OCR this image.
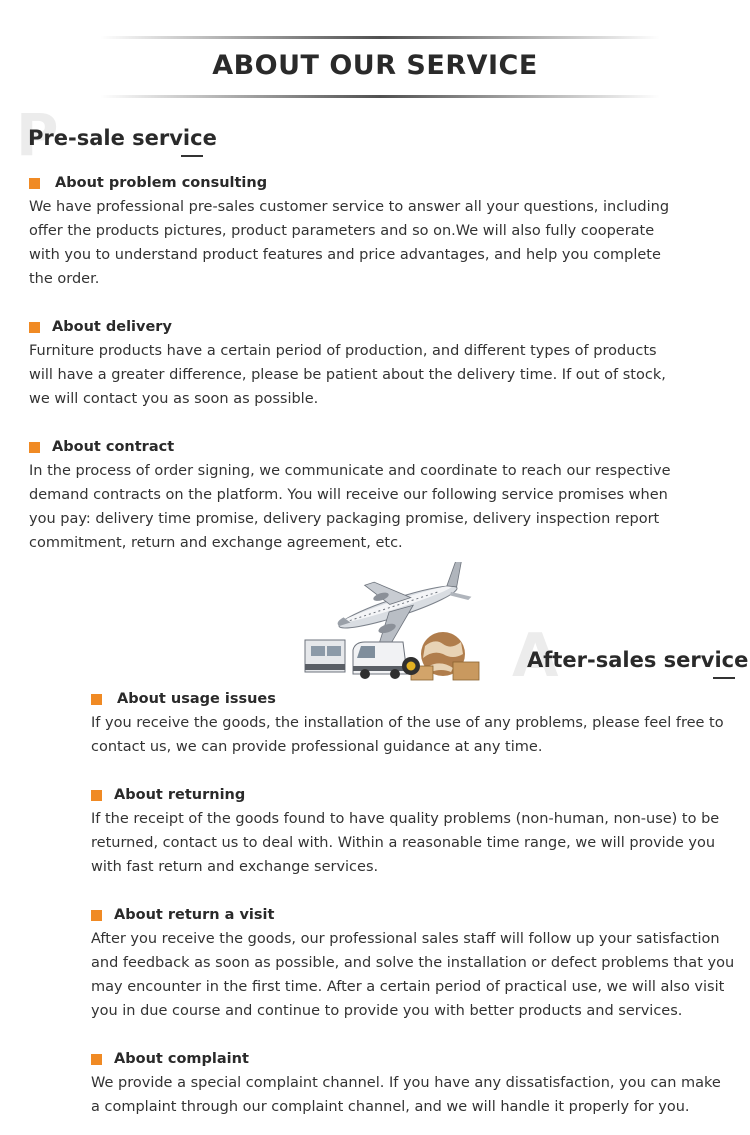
ABOUT OUR SERVICE
P
Pre-sale service
About problem consulting
We have professional pre-sales customer service to answer all your questions, including offer the products pictures, product parameters and so on.We will also fully cooperate with you to understand product features and price advantages, and help you complete the order.
About delivery
Furniture products have a certain period of production, and different types of products will have a greater difference, please be patient about the delivery time. If out of stock, we will contact you as soon as possible.
About contract
In the process of order signing, we communicate and coordinate to reach our respective demand contracts on the platform. You will receive our following service promises when you pay: delivery time promise, delivery packaging promise, delivery inspection report commitment, return and exchange agreement, etc.
A
After-sales service
About usage issues
If you receive the goods, the installation of the use of any problems, please feel free to contact us, we can provide professional guidance at any time.
About returning
If the receipt of the goods found to have quality problems (non-human, non-use) to be returned, contact us to deal with. Within a reasonable time range, we will provide you with fast return and exchange services.
About return a visit
After you receive the goods, our professional sales staff will follow up your satisfaction and feedback as soon as possible, and solve the installation or defect problems that you may encounter in the first time. After a certain period of practical use, we will also visit you in due course and continue to provide you with better products and services.
About complaint
We provide a special complaint channel. If you have any dissatisfaction, you can make a complaint through our complaint channel, and we will handle it properly for you.
